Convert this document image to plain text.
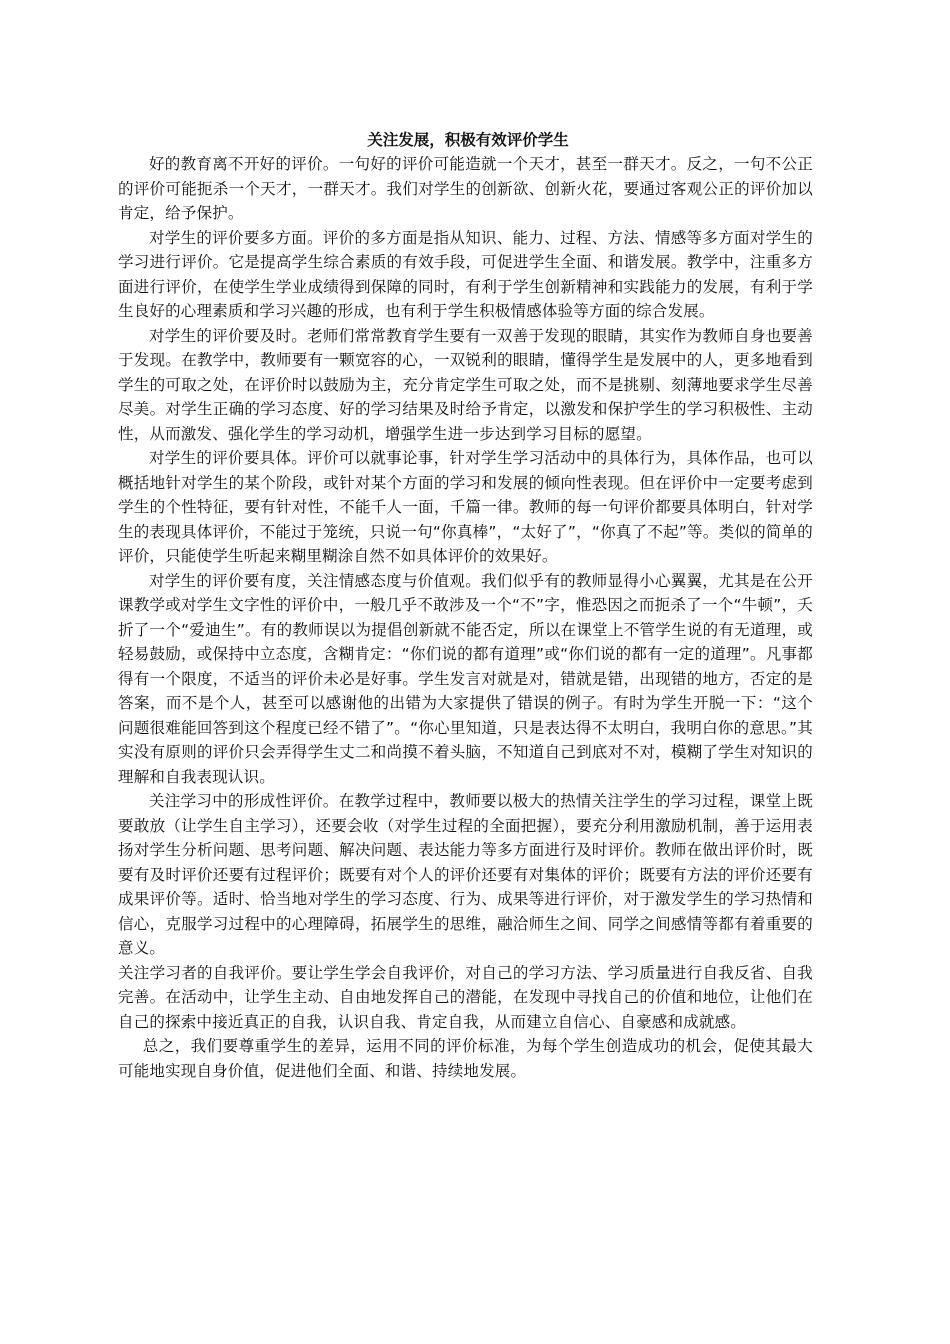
关注发展，积极有效评价学生

好的教育离不开好的评价。一句好的评价可能造就一个天才，甚至一群天才。反之，一句不公正的评价可能扼杀一个天才，一群天才。我们对学生的创新欲、创新火花，要通过客观公正的评价加以肯定，给予保护。

对学生的评价要多方面。评价的多方面是指从知识、能力、过程、方法、情感等多方面对学生的学习进行评价。它是提高学生综合素质的有效手段，可促进学生全面、和谐发展。教学中，注重多方面进行评价，在使学生学业成绩得到保障的同时，有利于学生创新精神和实践能力的发展，有利于学生良好的心理素质和学习兴趣的形成，也有利于学生积极情感体验等方面的综合发展。

对学生的评价要及时。老师们常常教育学生要有一双善于发现的眼睛，其实作为教师自身也要善于发现。在教学中，教师要有一颗宽容的心，一双锐利的眼睛，懂得学生是发展中的人，更多地看到学生的可取之处，在评价时以鼓励为主，充分肯定学生可取之处，而不是挑剔、刻薄地要求学生尽善尽美。对学生正确的学习态度、好的学习结果及时给予肯定，以激发和保护学生的学习积极性、主动性，从而激发、强化学生的学习动机，增强学生进一步达到学习目标的愿望。

对学生的评价要具体。评价可以就事论事，针对学生学习活动中的具体行为，具体作品，也可以概括地针对学生的某个阶段，或针对某个方面的学习和发展的倾向性表现。但在评价中一定要考虑到学生的个性特征，要有针对性，不能千人一面，千篇一律。教师的每一句评价都要具体明白，针对学生的表现具体评价，不能过于笼统，只说一句“你真棒”，“太好了”，“你真了不起”等。类似的简单的评价，只能使学生听起来糊里糊涂自然不如具体评价的效果好。

对学生的评价要有度，关注情感态度与价值观。我们似乎有的教师显得小心翼翼，尤其是在公开课教学或对学生文字性的评价中，一般几乎不敢涉及一个“不”字，惟恐因之而扼杀了一个“牛顿”，夭折了一个“爱迪生”。有的教师误以为提倡创新就不能否定，所以在课堂上不管学生说的有无道理，或轻易鼓励，或保持中立态度，含糊肯定：“你们说的都有道理”或“你们说的都有一定的道理”。凡事都得有一个限度，不适当的评价未必是好事。学生发言对就是对，错就是错，出现错的地方，否定的是答案，而不是个人，甚至可以感谢他的出错为大家提供了错误的例子。有时为学生开脱一下：“这个问题很难能回答到这个程度已经不错了”。“你心里知道，只是表达得不太明白，我明白你的意思。”其实没有原则的评价只会弄得学生丈二和尚摸不着头脑，不知道自己到底对不对，模糊了学生对知识的理解和自我表现认识。

关注学习中的形成性评价。在教学过程中，教师要以极大的热情关注学生的学习过程，课堂上既要敢放（让学生自主学习），还要会收（对学生过程的全面把握），要充分利用激励机制，善于运用表扬对学生分析问题、思考问题、解决问题、表达能力等多方面进行及时评价。教师在做出评价时，既要有及时评价还要有过程评价；既要有对个人的评价还要有对集体的评价；既要有方法的评价还要有成果评价等。适时、恰当地对学生的学习态度、行为、成果等进行评价，对于激发学生的学习热情和信心，克服学习过程中的心理障碍，拓展学生的思维，融洽师生之间、同学之间感情等都有着重要的意义。

关注学习者的自我评价。要让学生学会自我评价，对自己的学习方法、学习质量进行自我反省、自我完善。在活动中，让学生主动、自由地发挥自己的潜能，在发现中寻找自己的价值和地位，让他们在自己的探索中接近真正的自我，认识自我、肯定自我，从而建立自信心、自豪感和成就感。

总之，我们要尊重学生的差异，运用不同的评价标准，为每个学生创造成功的机会，促使其最大可能地实现自身价值，促进他们全面、和谐、持续地发展。
